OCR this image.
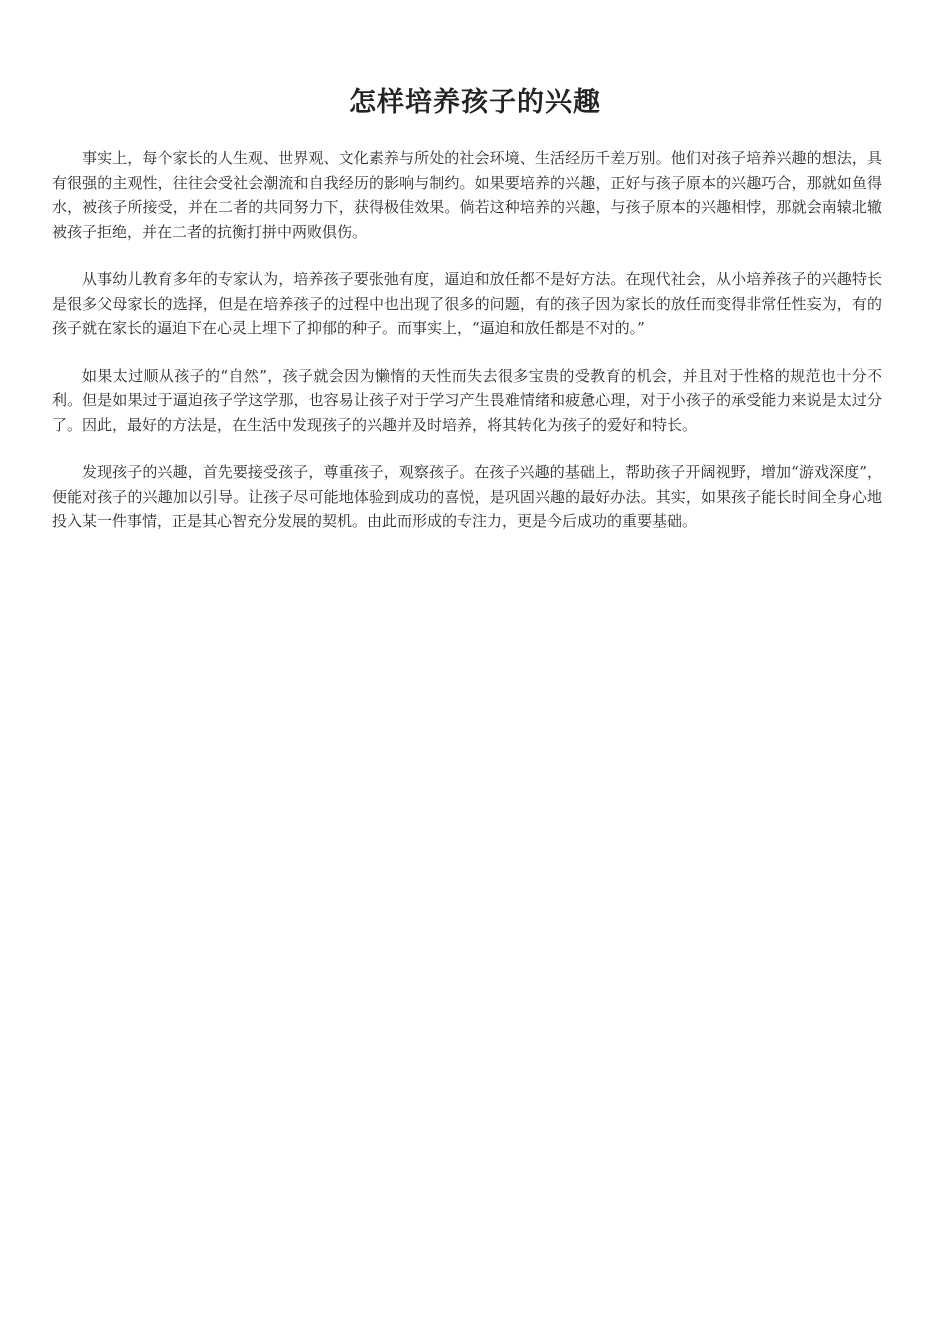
怎样培养孩子的兴趣

事实上，每个家长的人生观、世界观、文化素养与所处的社会环境、生活经历千差万别。他们对孩子培养兴趣的想法，具有很强的主观性，往往会受社会潮流和自我经历的影响与制约。如果要培养的兴趣，正好与孩子原本的兴趣巧合，那就如鱼得水，被孩子所接受，并在二者的共同努力下，获得极佳效果。倘若这种培养的兴趣，与孩子原本的兴趣相悖，那就会南辕北辙被孩子拒绝，并在二者的抗衡打拼中两败俱伤。

从事幼儿教育多年的专家认为，培养孩子要张弛有度，逼迫和放任都不是好方法。在现代社会，从小培养孩子的兴趣特长是很多父母家长的选择，但是在培养孩子的过程中也出现了很多的问题，有的孩子因为家长的放任而变得非常任性妄为，有的孩子就在家长的逼迫下在心灵上埋下了抑郁的种子。而事实上，“逼迫和放任都是不对的。”

如果太过顺从孩子的“自然”，孩子就会因为懒惰的天性而失去很多宝贵的受教育的机会，并且对于性格的规范也十分不利。但是如果过于逼迫孩子学这学那，也容易让孩子对于学习产生畏难情绪和疲惫心理，对于小孩子的承受能力来说是太过分了。因此，最好的方法是，在生活中发现孩子的兴趣并及时培养，将其转化为孩子的爱好和特长。

发现孩子的兴趣，首先要接受孩子，尊重孩子，观察孩子。在孩子兴趣的基础上，帮助孩子开阔视野，增加“游戏深度”，便能对孩子的兴趣加以引导。让孩子尽可能地体验到成功的喜悦，是巩固兴趣的最好办法。其实，如果孩子能长时间全身心地投入某一件事情，正是其心智充分发展的契机。由此而形成的专注力，更是今后成功的重要基础。
